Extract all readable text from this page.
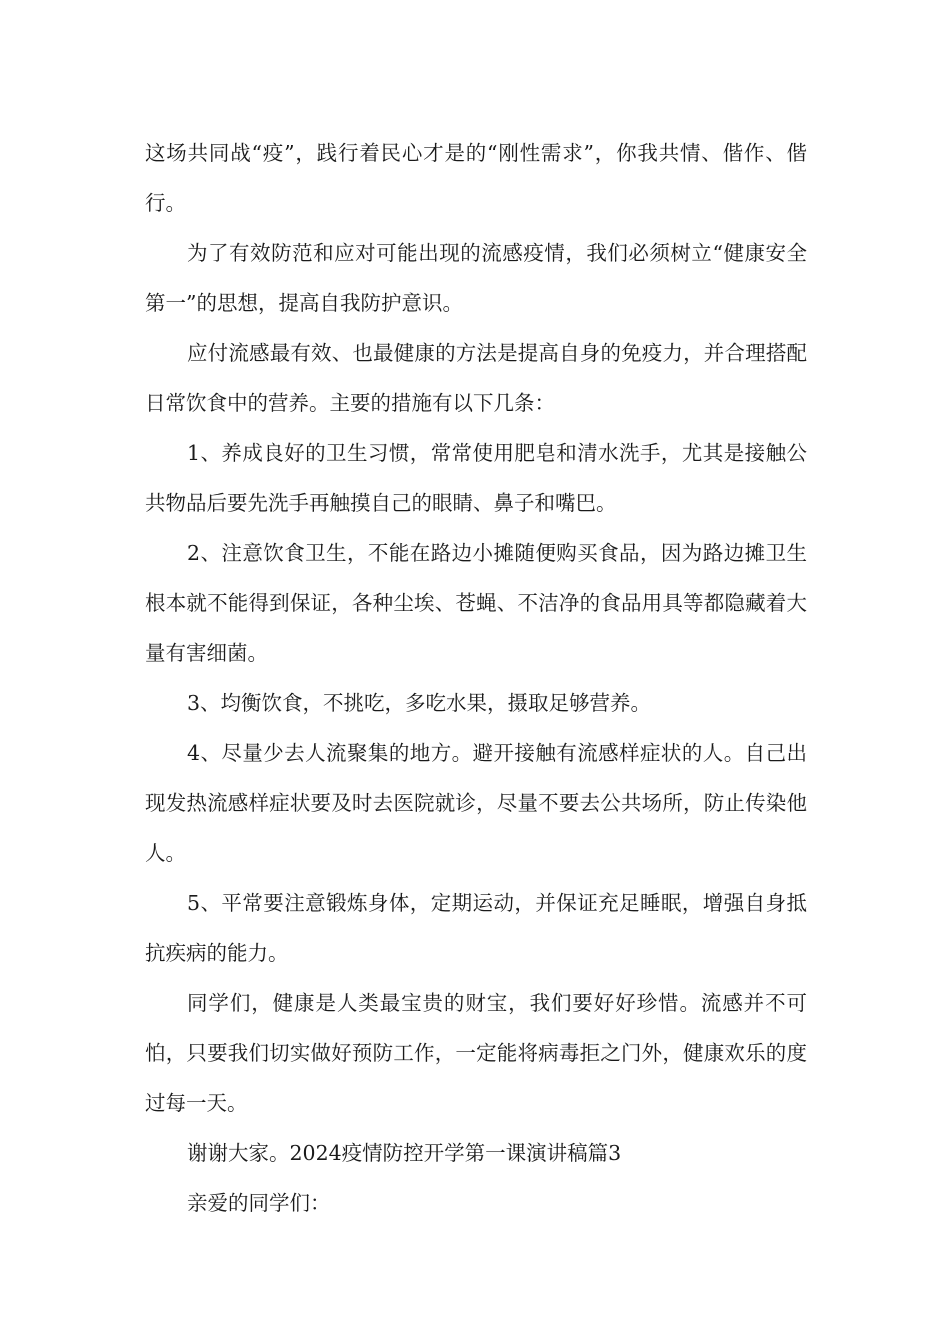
这场共同战“疫”，践行着民心才是的“刚性需求”，你我共情、偕作、偕行。

为了有效防范和应对可能出现的流感疫情，我们必须树立“健康安全第一”的思想，提高自我防护意识。

应付流感最有效、也最健康的方法是提高自身的免疫力，并合理搭配日常饮食中的营养。主要的措施有以下几条：

1、养成良好的卫生习惯，常常使用肥皂和清水洗手，尤其是接触公共物品后要先洗手再触摸自己的眼睛、鼻子和嘴巴。

2、注意饮食卫生，不能在路边小摊随便购买食品，因为路边摊卫生根本就不能得到保证，各种尘埃、苍蝇、不洁净的食品用具等都隐藏着大量有害细菌。

3、均衡饮食，不挑吃，多吃水果，摄取足够营养。

4、尽量少去人流聚集的地方。避开接触有流感样症状的人。自己出现发热流感样症状要及时去医院就诊，尽量不要去公共场所，防止传染他人。

5、平常要注意锻炼身体，定期运动，并保证充足睡眠，增强自身抵抗疾病的能力。

同学们，健康是人类最宝贵的财宝，我们要好好珍惜。流感并不可怕，只要我们切实做好预防工作，一定能将病毒拒之门外，健康欢乐的度过每一天。

谢谢大家。2024疫情防控开学第一课演讲稿篇3

亲爱的同学们：
